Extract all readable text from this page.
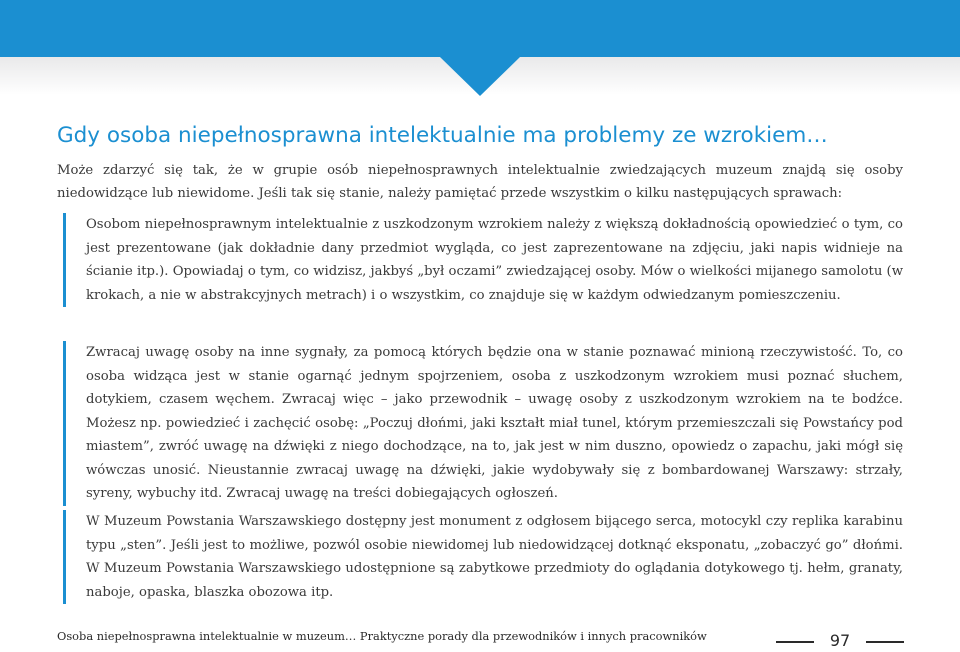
Gdy osoba niepełnosprawna intelektualnie ma problemy ze wzrokiem…

Może zdarzyć się tak, że w grupie osób niepełnosprawnych intelektualnie zwiedzających muzeum znajdą się osoby niedowidzące lub niewidome. Jeśli tak się stanie, należy pamiętać przede wszystkim o kilku następujących sprawach:

Osobom niepełnosprawnym intelektualnie z uszkodzonym wzrokiem należy z większą dokładnością opowiedzieć o tym, co jest prezentowane (jak dokładnie dany przedmiot wygląda, co jest zaprezentowane na zdjęciu, jaki napis widnieje na ścianie itp.). Opowiadaj o tym, co widzisz, jakbyś „był oczami” zwiedzającej osoby. Mów o wielkości mijanego samolotu (w krokach, a nie w abstrakcyjnych metrach) i o wszystkim, co znajduje się w każdym odwiedzanym pomieszczeniu.

Zwracaj uwagę osoby na inne sygnały, za pomocą których będzie ona w stanie poznawać minioną rzeczywistość. To, co osoba widząca jest w stanie ogarnąć jednym spojrzeniem, osoba z uszkodzonym wzrokiem musi poznać słuchem, dotykiem, czasem węchem. Zwracaj więc – jako przewodnik – uwagę osoby z uszkodzonym wzrokiem na te bodźce. Możesz np. powiedzieć i zachęcić osobę: „Poczuj dłońmi, jaki kształt miał tunel, którym przemieszczali się Powstańcy pod miastem”, zwróć uwagę na dźwięki z niego dochodzące, na to, jak jest w nim duszno, opowiedz o zapachu, jaki mógł się wówczas unosić. Nieustannie zwracaj uwagę na dźwięki, jakie wydobywały się z bombardowanej Warszawy: strzały, syreny, wybuchy itd. Zwracaj uwagę na treści dobiegających ogłoszeń.

W Muzeum Powstania Warszawskiego dostępny jest monument z odgłosem bijącego serca, motocykl czy replika karabinu typu „sten”. Jeśli jest to możliwe, pozwól osobie niewidomej lub niedowidzącej dotknąć eksponatu, „zobaczyć go” dłońmi. W Muzeum Powstania Warszawskiego udostępnione są zabytkowe przedmioty do oglądania dotykowego tj. hełm, granaty, naboje, opaska, blaszka obozowa itp.

Osoba niepełnosprawna intelektualnie w muzeum… Praktyczne porady dla przewodników i innych pracowników	97
